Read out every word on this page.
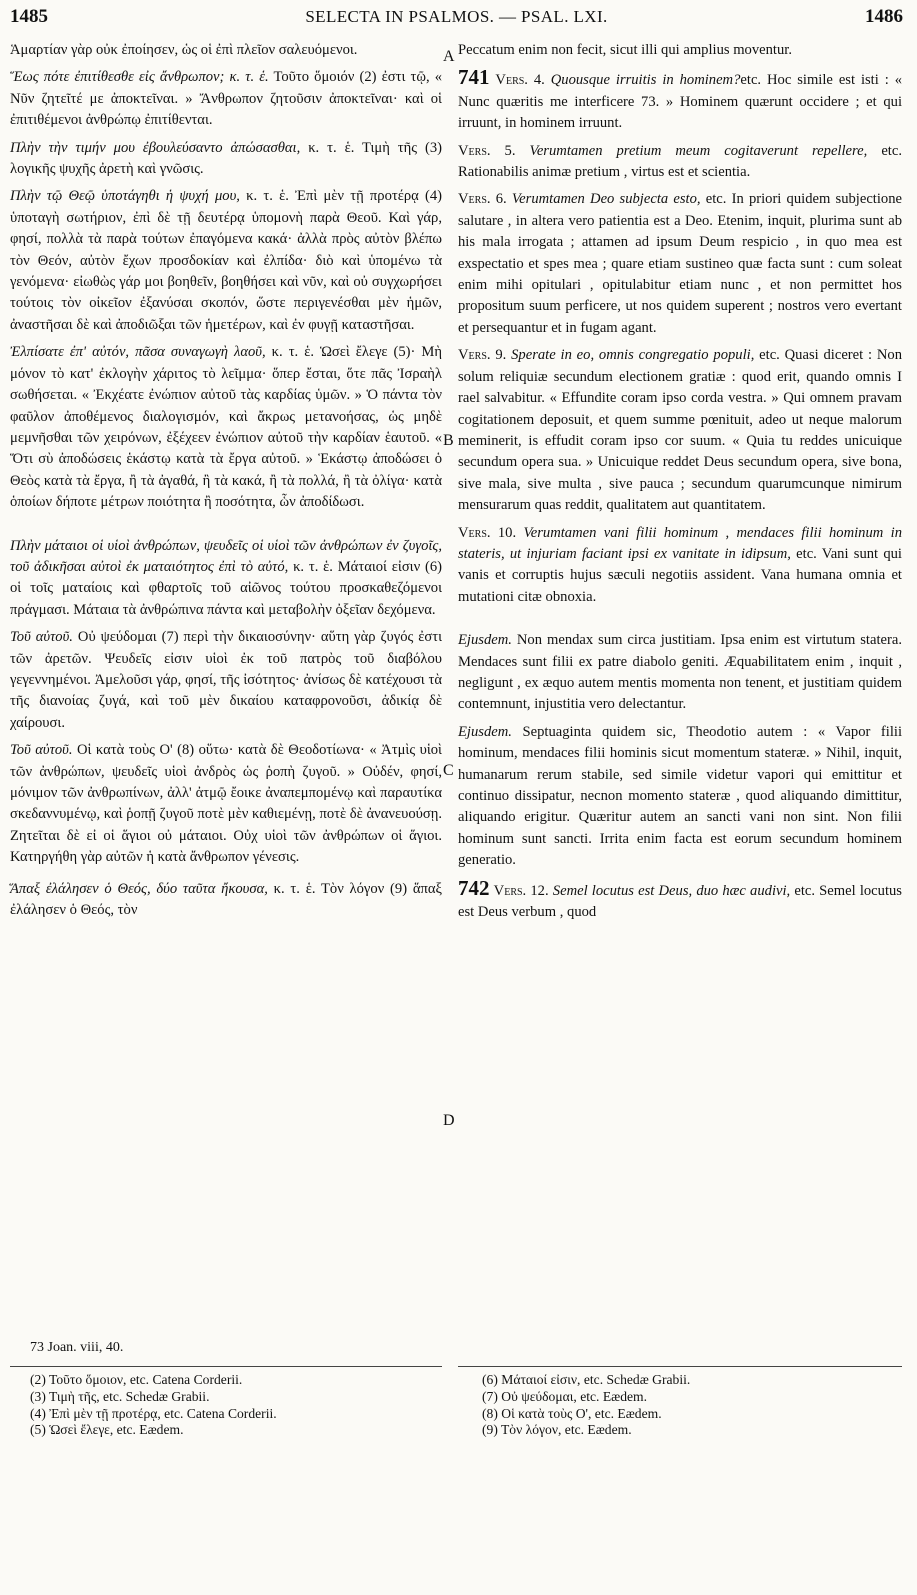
1485	SELECTA IN PSALMOS. — PSAL. LXI.	1486

Ἁμαρτίαν γὰρ οὐκ ἐποίησεν, ὡς οἱ ἐπὶ πλεῖον σαλευόμενοι.

Ἕως πότε ἐπιτίθεσθε εἰς ἄνθρωπον; κ. τ. ἑ. Τοῦτο ὅμοιόν (2) ἐστι τῷ, « Νῦν ζητεῖτέ με ἀποκτεῖναι. » Ἄνθρωπον ζητοῦσιν ἀποκτεῖναι· καὶ οἱ ἐπιτιθέμενοι ἀνθρώπῳ ἐπιτίθενται.

Πλὴν τὴν τιμήν μου ἐβουλεύσαντο ἀπώσασθαι, κ. τ. ἑ. Τιμὴ τῆς (3) λογικῆς ψυχῆς ἀρετὴ καὶ γνῶσις.

Πλὴν τῷ Θεῷ ὑποτάγηθι ἡ ψυχή μου, κ. τ. ἑ. Ἐπὶ μὲν τῇ προτέρᾳ (4) ὑποταγὴ σωτήριον, ἐπὶ δὲ τῇ δευτέρᾳ ὑπομονὴ παρὰ Θεοῦ. Καὶ γάρ, φησί, πολλὰ τὰ παρὰ τούτων ἐπαγόμενα κακά· ἀλλὰ πρὸς αὐτὸν βλέπω τὸν Θεόν, αὐτὸν ἔχων προσδοκίαν καὶ ἐλπίδα· διὸ καὶ ὑπομένω τὰ γενόμενα· εἰωθὼς γάρ μοι βοηθεῖν, βοηθήσει καὶ νῦν, καὶ οὐ συγχωρήσει τούτοις τὸν οἰκεῖον ἐξανύσαι σκοπόν, ὥστε περιγενέσθαι μὲν ἡμῶν, ἀναστῆσαι δὲ καὶ ἀποδιῶξαι τῶν ἡμετέρων, καὶ ἐν φυγῇ καταστῆσαι.

Ἐλπίσατε ἐπ' αὐτόν, πᾶσα συναγωγὴ λαοῦ, κ. τ. ἑ. Ὡσεὶ ἔλεγε (5)· Μὴ μόνον τὸ κατ' ἐκλογὴν χάριτος τὸ λεῖμμα· ὅπερ ἔσται, ὅτε πᾶς Ἰσραὴλ σωθήσεται. « Ἐκχέατε ἐνώπιον αὐτοῦ τὰς καρδίας ὑμῶν. » Ὁ πάντα τὸν φαῦλον ἀποθέμενος διαλογισμόν, καὶ ἄκρως μετανοήσας, ὡς μηδὲ μεμνῆσθαι τῶν χειρόνων, ἐξέχεεν ἐνώπιον αὐτοῦ τὴν καρδίαν ἑαυτοῦ. « Ὅτι σὺ ἀποδώσεις ἑκάστῳ κατὰ τὰ ἔργα αὐτοῦ. » Ἑκάστῳ ἀποδώσει ὁ Θεὸς κατὰ τὰ ἔργα, ἢ τὰ ἀγαθά, ἢ τὰ κακά, ἢ τὰ πολλά, ἢ τὰ ὀλίγα· κατὰ ὁποίων δήποτε μέτρων ποιότητα ἢ ποσότητα, ὧν ἀποδίδωσι.

Πλὴν μάταιοι οἱ υἱοὶ ἀνθρώπων, ψευδεῖς οἱ υἱοὶ τῶν ἀνθρώπων ἐν ζυγοῖς, τοῦ ἀδικῆσαι αὐτοὶ ἐκ ματαιότητος ἐπὶ τὸ αὐτό, κ. τ. ἑ. Μάταιοί εἰσιν (6) οἱ τοῖς ματαίοις καὶ φθαρτοῖς τοῦ αἰῶνος τούτου προσκαθεζόμενοι πράγμασι. Μάταια τὰ ἀνθρώπινα πάντα καὶ μεταβολὴν ὀξεῖαν δεχόμενα.

Τοῦ αὐτοῦ. Οὐ ψεύδομαι (7) περὶ τὴν δικαιοσύνην· αὕτη γὰρ ζυγός ἐστι τῶν ἀρετῶν. Ψευδεῖς εἰσιν υἱοὶ ἐκ τοῦ πατρὸς τοῦ διαβόλου γεγεννημένοι. Ἀμελοῦσι γάρ, φησί, τῆς ἰσότητος· ἀνίσως δὲ κατέχουσι τὰ τῆς διανοίας ζυγά, καὶ τοῦ μὲν δικαίου καταφρονοῦσι, ἀδικίᾳ δὲ χαίρουσι.

Τοῦ αὐτοῦ. Οἱ κατὰ τοὺς Ο' (8) οὕτω· κατὰ δὲ Θεοδοτίωνα· « Ἀτμὶς υἱοὶ τῶν ἀνθρώπων, ψευδεῖς υἱοὶ ἀνδρὸς ὡς ῥοπὴ ζυγοῦ. » Οὐδέν, φησί, μόνιμον τῶν ἀνθρωπίνων, ἀλλ' ἀτμῷ ἔοικε ἀναπεμπομένῳ καὶ παραυτίκα σκεδαννυμένῳ, καὶ ῥοπῇ ζυγοῦ ποτὲ μὲν καθιεμένῃ, ποτὲ δὲ ἀνανευούσῃ. Ζητεῖται δὲ εἰ οἱ ἅγιοι οὐ μάταιοι. Οὐχ υἱοὶ τῶν ἀνθρώπων οἱ ἅγιοι. Κατηργήθη γὰρ αὐτῶν ἡ κατὰ ἄνθρωπον γένεσις.

Ἅπαξ ἐλάλησεν ὁ Θεός, δύο ταῦτα ἤκουσα, κ. τ. ἑ. Τὸν λόγον (9) ἅπαξ ἐλάλησεν ὁ Θεός, τὸν

A
B
C
D

Peccatum enim non fecit, sicut illi qui amplius moventur.

741 Vers. 4. Quousque irruitis in hominem?etc. Hoc simile est isti : « Nunc quæritis me interficere 73. » Hominem quærunt occidere ; et qui irruunt, in hominem irruunt.

Vers. 5. Verumtamen pretium meum cogitaverunt repellere, etc. Rationabilis animæ pretium , virtus est et scientia.

Vers. 6. Verumtamen Deo subjecta esto, etc. In priori quidem subjectione salutare , in altera vero patientia est a Deo. Etenim, inquit, plurima sunt ab his mala irrogata ; attamen ad ipsum Deum respicio , in quo mea est exspectatio et spes mea ; quare etiam sustineo quæ facta sunt : cum soleat enim mihi opitulari , opitulabitur etiam nunc , et non permittet hos propositum suum perficere, ut nos quidem superent ; nostros vero evertant et persequantur et in fugam agant.

Vers. 9. Sperate in eo, omnis congregatio populi, etc. Quasi diceret : Non solum reliquiæ secundum electionem gratiæ : quod erit, quando omnis I rael salvabitur. « Effundite coram ipso corda vestra. » Qui omnem pravam cogitationem deposuit, et quem summe pœnituit, adeo ut neque malorum meminerit, is effudit coram ipso cor suum. « Quia tu reddes unicuique secundum opera sua. » Unicuique reddet Deus secundum opera, sive bona, sive mala, sive multa , sive pauca ; secundum quarumcunque nimirum mensurarum quas reddit, qualitatem aut quantitatem.

Vers. 10. Verumtamen vani filii hominum , mendaces filii hominum in stateris, ut injuriam faciant ipsi ex vanitate in idipsum, etc. Vani sunt qui vanis et corruptis hujus sæculi negotiis assident. Vana humana omnia et mutationi citæ obnoxia.

Ejusdem. Non mendax sum circa justitiam. Ipsa enim est virtutum statera. Mendaces sunt filii ex patre diabolo geniti. Æquabilitatem enim , inquit , negligunt , ex æquo autem mentis momenta non tenent, et justitiam quidem contemnunt, injustitia vero delectantur.

Ejusdem. Septuaginta quidem sic, Theodotio autem : « Vapor filii hominum, mendaces filii hominis sicut momentum stateræ. » Nihil, inquit, humanarum rerum stabile, sed simile videtur vapori qui emittitur et continuo dissipatur, necnon momento stateræ , quod aliquando dimittitur, aliquando erigitur. Quæritur autem an sancti vani non sint. Non filii hominum sunt sancti. Irrita enim facta est eorum secundum hominem generatio.

742 Vers. 12. Semel locutus est Deus, duo hæc audivi, etc. Semel locutus est Deus verbum , quod

73 Joan. viii, 40.
(2) Τοῦτο ὅμοιον, etc. Catena Corderii.
(3) Τιμὴ τῆς, etc. Schedæ Grabii.
(4) Ἐπὶ μὲν τῇ προτέρᾳ, etc. Catena Corderii.
(5) Ὡσεὶ ἔλεγε, etc. Eædem.
(6) Μάταιοί εἰσιν, etc. Schedæ Grabii.
(7) Οὐ ψεύδομαι, etc. Eædem.
(8) Οἱ κατὰ τοὺς Ο', etc. Eædem.
(9) Τὸν λόγον, etc. Eædem.
